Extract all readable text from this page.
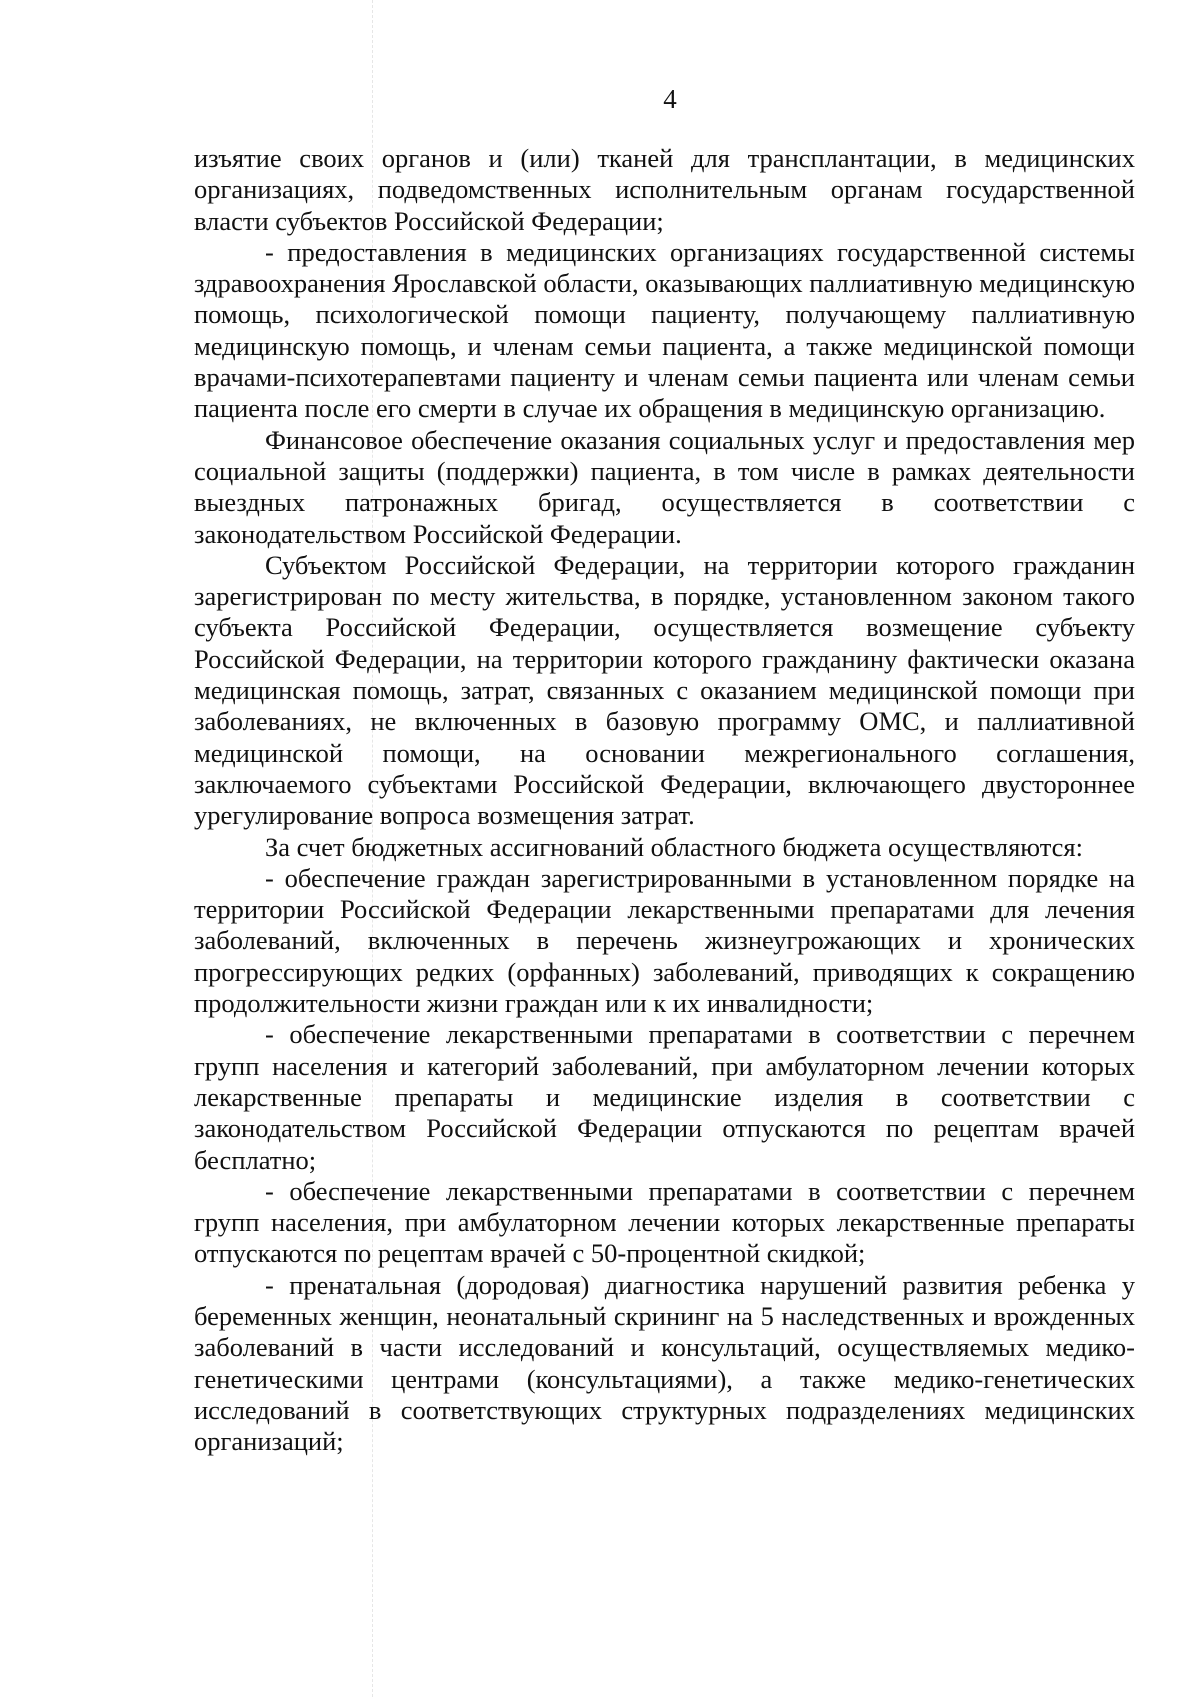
4

изъятие своих органов и (или) тканей для трансплантации, в медицинских организациях, подведомственных исполнительным органам государственной власти субъектов Российской Федерации;

- предоставления в медицинских организациях государственной системы здравоохранения Ярославской области, оказывающих паллиативную медицинскую помощь, психологической помощи пациенту, получающему паллиативную медицинскую помощь, и членам семьи пациента, а также медицинской помощи врачами-психотерапевтами пациенту и членам семьи пациента или членам семьи пациента после его смерти в случае их обращения в медицинскую организацию.

Финансовое обеспечение оказания социальных услуг и предоставления мер социальной защиты (поддержки) пациента, в том числе в рамках деятельности выездных патронажных бригад, осуществляется в соответствии с законодательством Российской Федерации.

Субъектом Российской Федерации, на территории которого гражданин зарегистрирован по месту жительства, в порядке, установленном законом такого субъекта Российской Федерации, осуществляется возмещение субъекту Российской Федерации, на территории которого гражданину фактически оказана медицинская помощь, затрат, связанных с оказанием медицинской помощи при заболеваниях, не включенных в базовую программу ОМС, и паллиативной медицинской помощи, на основании межрегионального соглашения, заключаемого субъектами Российской Федерации, включающего двустороннее урегулирование вопроса возмещения затрат.

За счет бюджетных ассигнований областного бюджета осуществляются:

- обеспечение граждан зарегистрированными в установленном порядке на территории Российской Федерации лекарственными препаратами для лечения заболеваний, включенных в перечень жизнеугрожающих и хронических прогрессирующих редких (орфанных) заболеваний, приводящих к сокращению продолжительности жизни граждан или к их инвалидности;

- обеспечение лекарственными препаратами в соответствии с перечнем групп населения и категорий заболеваний, при амбулаторном лечении которых лекарственные препараты и медицинские изделия в соответствии с законодательством Российской Федерации отпускаются по рецептам врачей бесплатно;

- обеспечение лекарственными препаратами в соответствии с перечнем групп населения, при амбулаторном лечении которых лекарственные препараты отпускаются по рецептам врачей с 50-процентной скидкой;

- пренатальная (дородовая) диагностика нарушений развития ребенка у беременных женщин, неонатальный скрининг на 5 наследственных и врожденных заболеваний в части исследований и консультаций, осуществляемых медико-генетическими центрами (консультациями), а также медико-генетических исследований в соответствующих структурных подразделениях медицинских организаций;
